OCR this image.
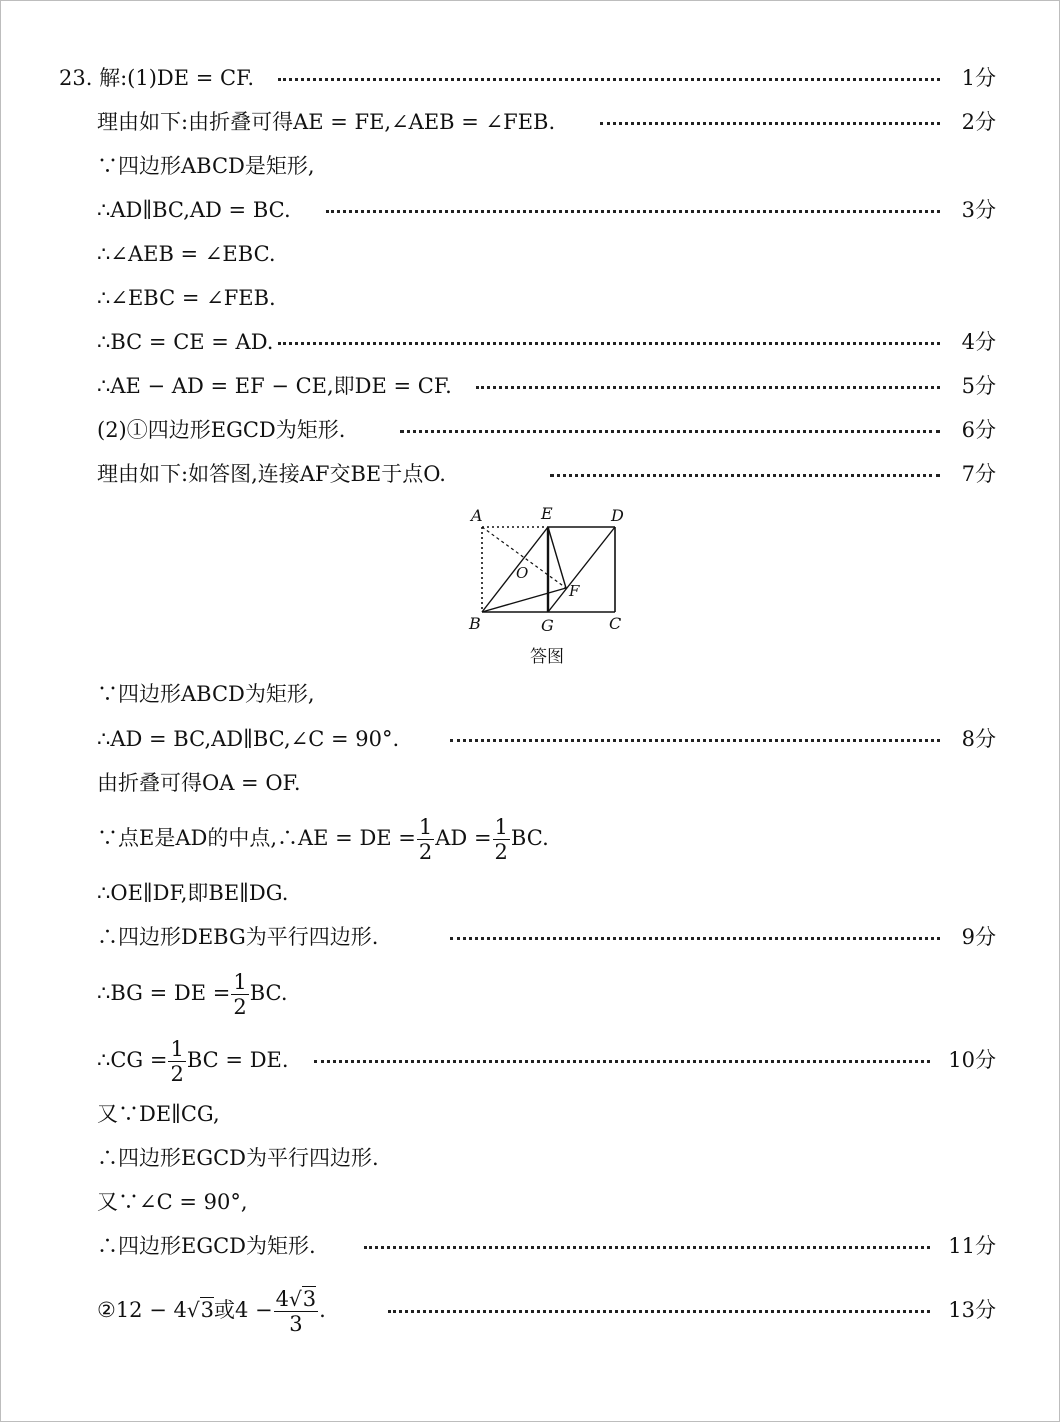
23. 解:(1)DE = CF.	1分
理由如下:由折叠可得AE = FE,∠AEB = ∠FEB.	2分
∵四边形ABCD是矩形,
∴AD∥BC,AD = BC.	3分
∴∠AEB = ∠EBC.
∴∠EBC = ∠FEB.
∴BC = CE = AD.	4分
∴AE − AD = EF − CE,即DE = CF.	5分
(2)①四边形EGCD为矩形.	6分
理由如下:如答图,连接AF交BE于点O.	7分
A	E	D
O
F
B	G	C
答图
∵四边形ABCD为矩形,
∴AD = BC,AD∥BC,∠C = 90°.	8分
由折叠可得OA = OF.
∵点E是AD的中点,∴AE = DE = $\frac{1}{2}$ AD = $\frac{1}{2}$ BC.
∴OE∥DF,即BE∥DG.
∴四边形DEBG为平行四边形.	9分
∴BG = DE = $\frac{1}{2}$ BC.
∴CG = $\frac{1}{2}$ BC = DE.	10分
又∵DE∥CG,
∴四边形EGCD为平行四边形.
又∵∠C = 90°,
∴四边形EGCD为矩形.	11分
②12 − 4√3或$4 - \frac{4√3}{3}$ .	13分
